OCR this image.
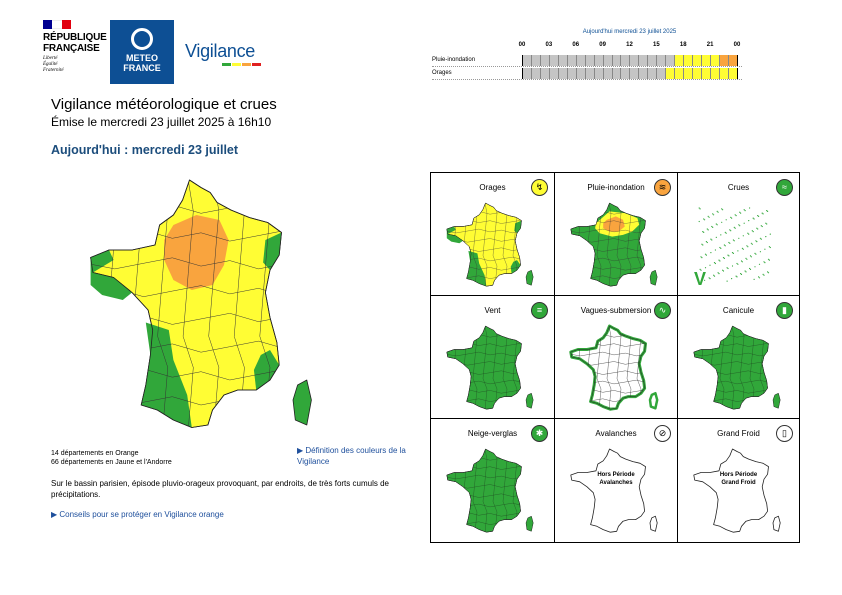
RÉPUBLIQUE
FRANÇAISE
Liberté
Égalité
Fraternité
METEO
FRANCE
Vigilance
Aujourd'hui mercredi 23 juillet 2025
00	03	06	09	12	15	18	21	00
Pluie-inondation
Orages
Vigilance météorologique et crues
Émise le mercredi 23 juillet 2025 à 16h10
Aujourd'hui : mercredi 23 juillet
14 départements en Orange
66 départements en Jaune et l'Andorre
▶ Définition des couleurs de la Vigilance
Sur le bassin parisien, épisode pluvio-orageux provoquant, par endroits, de très forts cumuls de précipitations.
▶ Conseils pour se protéger en Vigilance orange
Orages	↯	Pluie-inondation	≋	Crues	≈
V
Vent	≡	Vagues-submersion ∿	Canicule	▮
Neige-verglas	✱	Avalanches	⊘
Hors Période
Avalanches
Grand Froid	▯
Hors Période
Grand Froid
